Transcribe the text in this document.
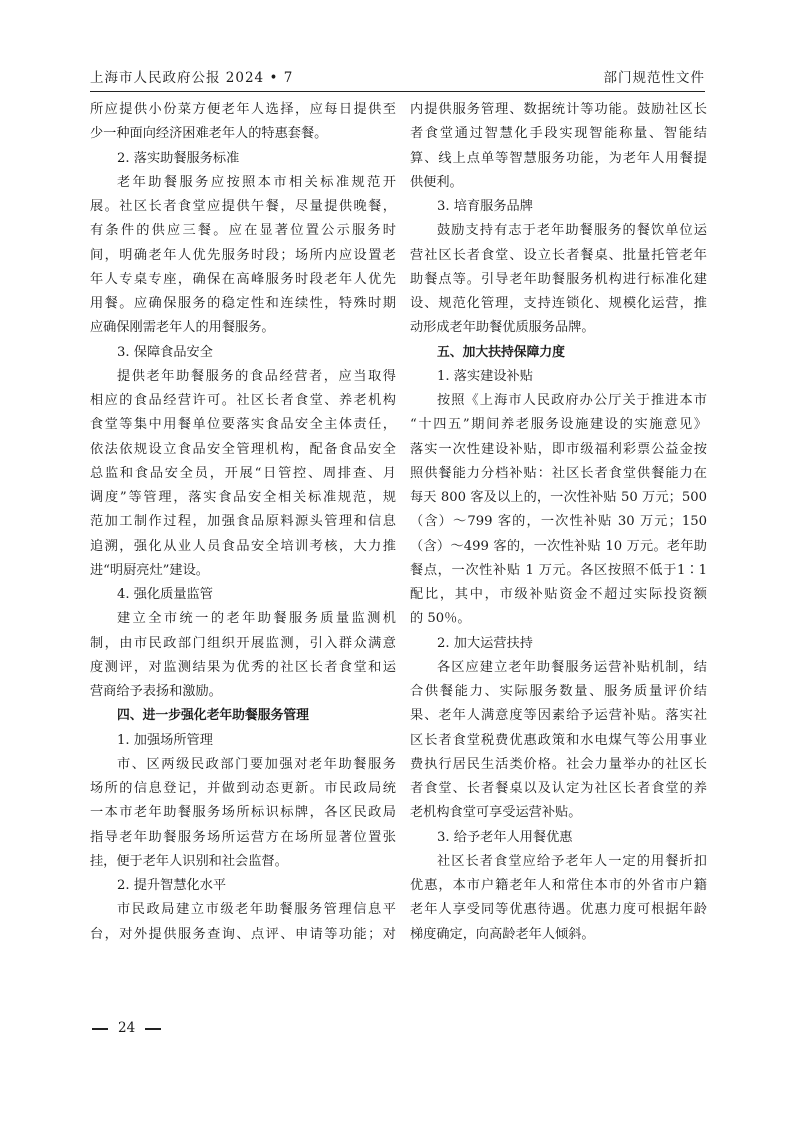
上海市人民政府公报 2024 • 7	部门规范性文件
所应提供小份菜方便老年人选择，应每日提供至
少一种面向经济困难老年人的特惠套餐。
2. 落实助餐服务标准
老年助餐服务应按照本市相关标准规范开
展。社区长者食堂应提供午餐，尽量提供晚餐，
有条件的供应三餐。应在显著位置公示服务时
间，明确老年人优先服务时段；场所内应设置老
年人专桌专座，确保在高峰服务时段老年人优先
用餐。应确保服务的稳定性和连续性，特殊时期
应确保刚需老年人的用餐服务。
3. 保障食品安全
提供老年助餐服务的食品经营者，应当取得
相应的食品经营许可。社区长者食堂、养老机构
食堂等集中用餐单位要落实食品安全主体责任，
依法依规设立食品安全管理机构，配备食品安全
总监和食品安全员，开展“日管控、周排查、月
调度”等管理，落实食品安全相关标准规范，规
范加工制作过程，加强食品原料源头管理和信息
追溯，强化从业人员食品安全培训考核，大力推
进“明厨亮灶”建设。
4. 强化质量监管
建立全市统一的老年助餐服务质量监测机
制，由市民政部门组织开展监测，引入群众满意
度测评，对监测结果为优秀的社区长者食堂和运
营商给予表扬和激励。
四、进一步强化老年助餐服务管理
1. 加强场所管理
市、区两级民政部门要加强对老年助餐服务
场所的信息登记，并做到动态更新。市民政局统
一本市老年助餐服务场所标识标牌，各区民政局
指导老年助餐服务场所运营方在场所显著位置张
挂，便于老年人识别和社会监督。
2. 提升智慧化水平
市民政局建立市级老年助餐服务管理信息平
台，对外提供服务查询、点评、申请等功能；对
内提供服务管理、数据统计等功能。鼓励社区长
者食堂通过智慧化手段实现智能称量、智能结
算、线上点单等智慧服务功能，为老年人用餐提
供便利。
3. 培育服务品牌
鼓励支持有志于老年助餐服务的餐饮单位运
营社区长者食堂、设立长者餐桌、批量托管老年
助餐点等。引导老年助餐服务机构进行标准化建
设、规范化管理，支持连锁化、规模化运营，推
动形成老年助餐优质服务品牌。
五、加大扶持保障力度
1. 落实建设补贴
按照《上海市人民政府办公厅关于推进本市
“十四五”期间养老服务设施建设的实施意见》
落实一次性建设补贴，即市级福利彩票公益金按
照供餐能力分档补贴：社区长者食堂供餐能力在
每天 800 客及以上的，一次性补贴 50 万元；500
（含）～799 客的，一次性补贴 30 万元；150
（含）～499 客的，一次性补贴 10 万元。老年助
餐点，一次性补贴 1 万元。各区按照不低于1∶1
配比，其中，市级补贴资金不超过实际投资额
的 50％。
2. 加大运营扶持
各区应建立老年助餐服务运营补贴机制，结
合供餐能力、实际服务数量、服务质量评价结
果、老年人满意度等因素给予运营补贴。落实社
区长者食堂税费优惠政策和水电煤气等公用事业
费执行居民生活类价格。社会力量举办的社区长
者食堂、长者餐桌以及认定为社区长者食堂的养
老机构食堂可享受运营补贴。
3. 给予老年人用餐优惠
社区长者食堂应给予老年人一定的用餐折扣
优惠，本市户籍老年人和常住本市的外省市户籍
老年人享受同等优惠待遇。优惠力度可根据年龄
梯度确定，向高龄老年人倾斜。
24
